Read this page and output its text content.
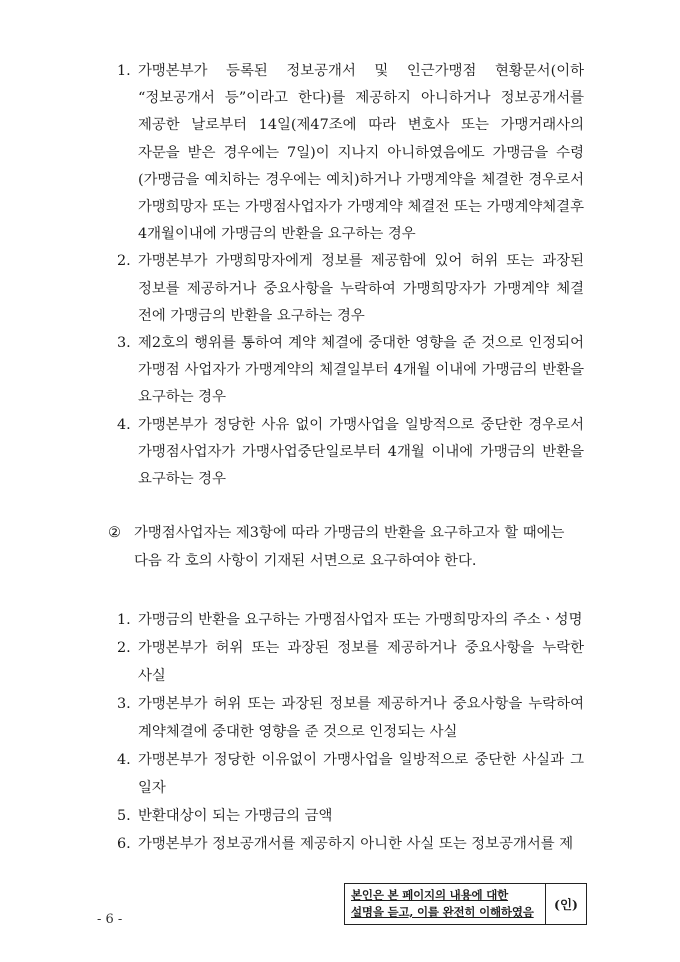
1. 가맹본부가 등록된 정보공개서 및 인근가맹점 현황문서(이하 “정보공개서 등”이라고 한다)를 제공하지 아니하거나 정보공개서를 제공한 날로부터 14일(제47조에 따라 변호사 또는 가맹거래사의 자문을 받은 경우에는 7일)이 지나지 아니하였음에도 가맹금을 수령(가맹금을 예치하는 경우에는 예치)하거나 가맹계약을 체결한 경우로서 가맹희망자 또는 가맹점사업자가 가맹계약 체결전 또는 가맹계약체결후 4개월이내에 가맹금의 반환을 요구하는 경우
2. 가맹본부가 가맹희망자에게 정보를 제공함에 있어 허위 또는 과장된 정보를 제공하거나 중요사항을 누락하여 가맹희망자가 가맹계약 체결 전에 가맹금의 반환을 요구하는 경우
3. 제2호의 행위를 통하여 계약 체결에 중대한 영향을 준 것으로 인정되어 가맹점 사업자가 가맹계약의 체결일부터 4개월 이내에 가맹금의 반환을 요구하는 경우
4. 가맹본부가 정당한 사유 없이 가맹사업을 일방적으로 중단한 경우로서 가맹점사업자가 가맹사업중단일로부터 4개월 이내에 가맹금의 반환을 요구하는 경우
② 가맹점사업자는 제3항에 따라 가맹금의 반환을 요구하고자 할 때에는
다음 각 호의 사항이 기재된 서면으로 요구하여야 한다.
1. 가맹금의 반환을 요구하는 가맹점사업자 또는 가맹희망자의 주소ㆍ성명
2. 가맹본부가 허위 또는 과장된 정보를 제공하거나 중요사항을 누락한 사실
3. 가맹본부가 허위 또는 과장된 정보를 제공하거나 중요사항을 누락하여 계약체결에 중대한 영향을 준 것으로 인정되는 사실
4. 가맹본부가 정당한 이유없이 가맹사업을 일방적으로 중단한 사실과 그 일자
5. 반환대상이 되는 가맹금의 금액
6. 가맹본부가 정보공개서를 제공하지 아니한 사실 또는 정보공개서를 제
본인은 본 페이지의 내용에 대한
설명을 듣고, 이를 완전히 이해하였음	(인)
- 6 -
